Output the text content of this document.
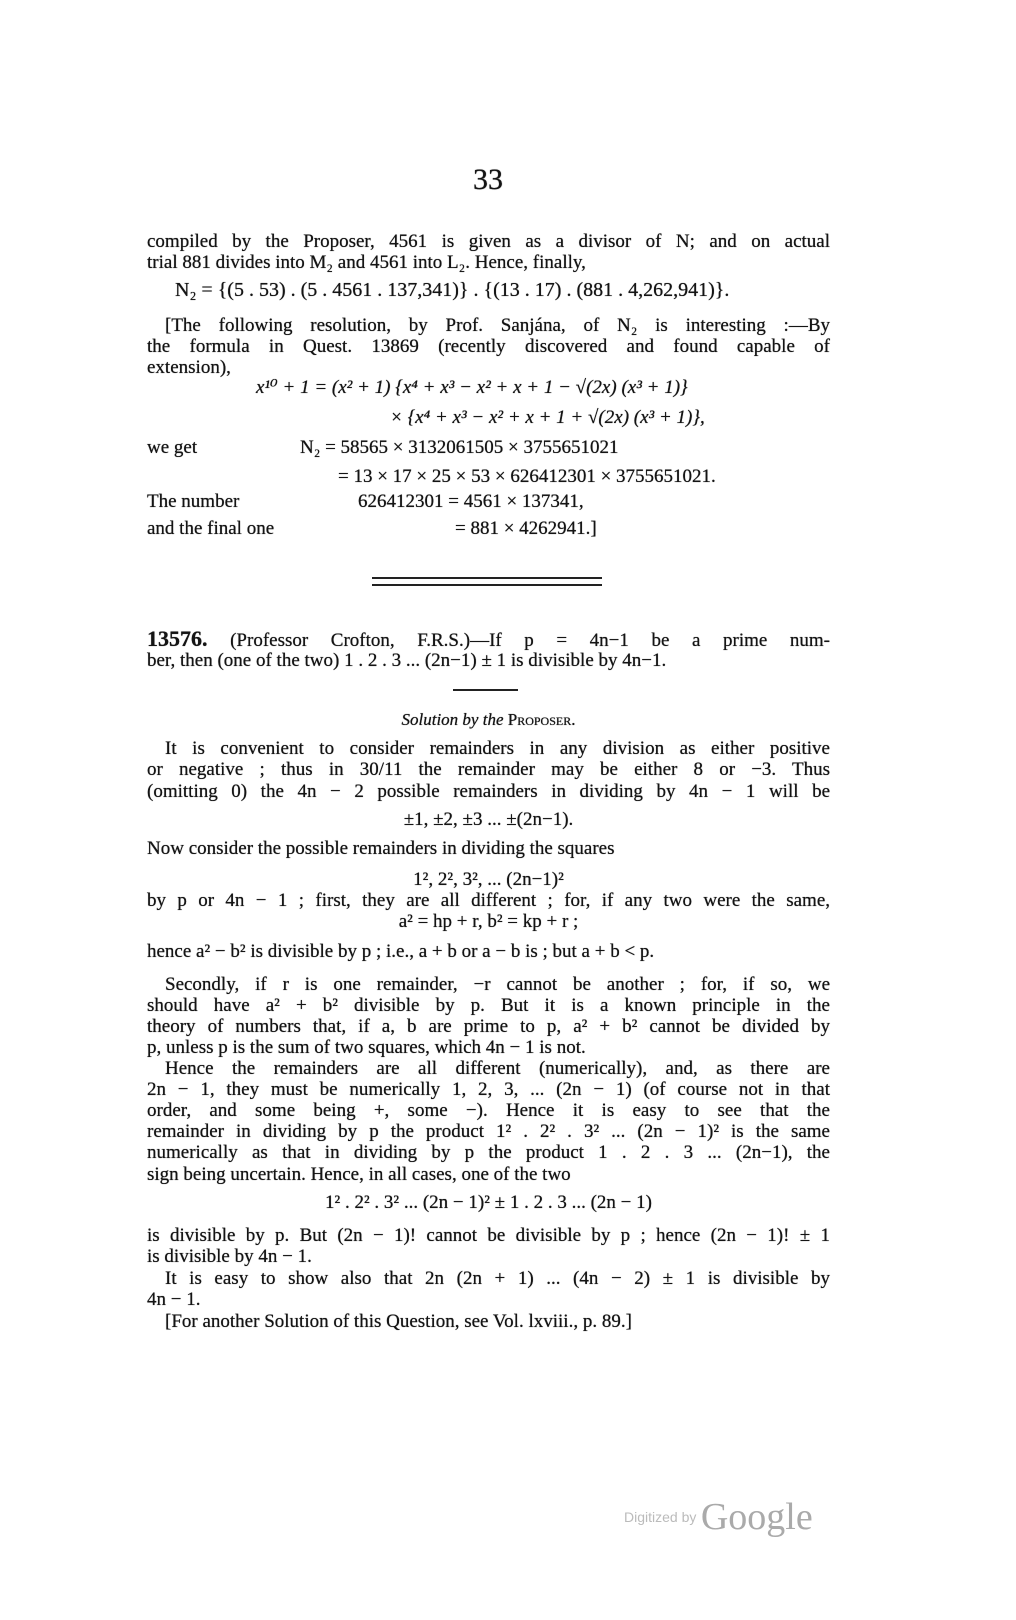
33
compiled by the Proposer, 4561 is given as a divisor of N; and on actual
trial 881 divides into M₂ and 4561 into L₂. Hence, finally,
N₂ = {(5 . 53) . (5 . 4561 . 137,341)} . {(13 . 17) . (881 . 4,262,941)}.
[The following resolution, by Prof. Sanjána, of N₂ is interesting :—By
the formula in Quest. 13869 (recently discovered and found capable of
extension),
x¹⁰ + 1 = (x² + 1) {x⁴ + x³ − x² + x + 1 − √(2x) (x³ + 1)}
× {x⁴ + x³ − x² + x + 1 + √(2x) (x³ + 1)},
we get	N₂ = 58565 × 3132061505 × 3755651021
= 13 × 17 × 25 × 53 × 626412301 × 3755651021.
The number	626412301 = 4561 × 137341,
and the final one	= 881 × 4262941.]
13576. (Professor Crofton, F.R.S.)—If p = 4n−1 be a prime num-
ber, then (one of the two) 1 . 2 . 3 ... (2n−1) ± 1 is divisible by 4n−1.
Solution by the Proposer.
It is convenient to consider remainders in any division as either positive
or negative ; thus in 30/11 the remainder may be either 8 or −3. Thus
(omitting 0) the 4n − 2 possible remainders in dividing by 4n − 1 will be
±1, ±2, ±3 ... ±(2n−1).
Now consider the possible remainders in dividing the squares
1², 2², 3², ... (2n−1)²
by p or 4n − 1 ; first, they are all different ; for, if any two were the same,
a² = hp + r, b² = kp + r ;
hence a² − b² is divisible by p ; i.e., a + b or a − b is ; but a + b < p.
Secondly, if r is one remainder, −r cannot be another ; for, if so, we
should have a² + b² divisible by p. But it is a known principle in the
theory of numbers that, if a, b are prime to p, a² + b² cannot be divided by
p, unless p is the sum of two squares, which 4n − 1 is not.
Hence the remainders are all different (numerically), and, as there are
2n − 1, they must be numerically 1, 2, 3, ... (2n − 1) (of course not in that
order, and some being +, some −). Hence it is easy to see that the
remainder in dividing by p the product 1² . 2² . 3² ... (2n − 1)² is the same
numerically as that in dividing by p the product 1 . 2 . 3 ... (2n−1), the
sign being uncertain. Hence, in all cases, one of the two
1² . 2² . 3² ... (2n − 1)² ± 1 . 2 . 3 ... (2n − 1)
is divisible by p. But (2n − 1)! cannot be divisible by p ; hence (2n − 1)! ± 1
is divisible by 4n − 1.
It is easy to show also that 2n (2n + 1) ... (4n − 2) ± 1 is divisible by
4n − 1.
[For another Solution of this Question, see Vol. lxviii., p. 89.]
Digitized by Google
